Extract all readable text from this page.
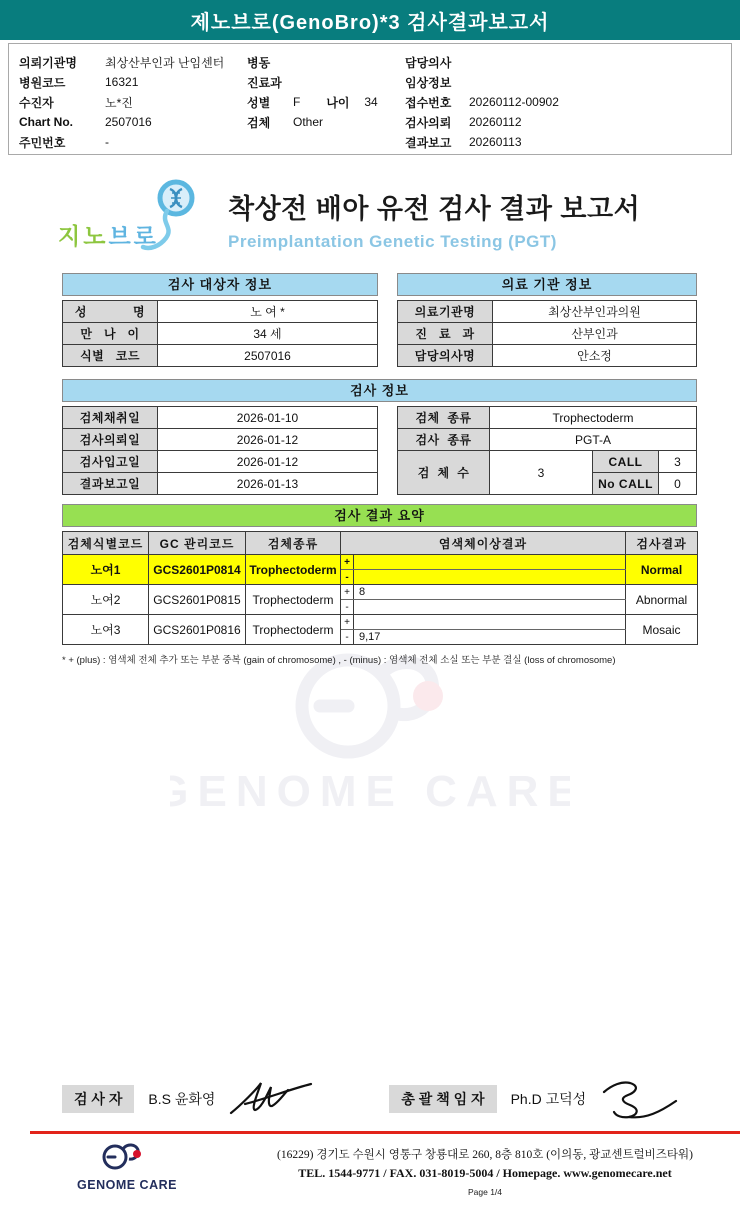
제노브로(GenoBro)*3 검사결과보고서
의뢰기관명	최상산부인과 난임센터
병원코드	16321
수진자	노*진
Chart No.	2507016
주민번호	-
병동
진료과
성별	F 나이	34
검체	Other
담당의사
임상정보
접수번호	20260112-00902
검사의뢰	20260112
결과보고	20260113
지노브로
착상전 배아 유전 검사 결과 보고서
Preimplantation Genetic Testing (PGT)
검사 대상자 정보	의료 기관 정보
성            명	노 여 *
만   나   이	34 세
식별   코드	2507016
의료기관명	최상산부인과의원
진   료   과	산부인과
담당의사명	안소정
검사 정보
검체채취일	2026-01-10
검사의뢰일	2026-01-12
검사입고일	2026-01-12
결과보고일	2026-01-13
검체  종류	Trophectoderm		
검사  종류	PGT-A		
검  체  수	3	CALL	3
		No CALL	0
검사 결과 요약
검체식별코드	GC 관리코드	검체종류	염색체이상결과		검사결과
노여1	GCS2601P0814	Trophectoderm	+		Normal
			-		
노여2	GCS2601P0815	Trophectoderm	+	8	Abnormal
			-		
노여3	GCS2601P0816	Trophectoderm	+		Mosaic
			-	9,17	
* + (plus) : 염색체 전체 추가 또는 부분 중복 (gain of chromosome) , - (minus) : 염색체 전체 소실 또는 부분 결실 (loss of chromosome)
GENOME CARE
검 사 자	B.S 윤화영	총 괄 책 임 자	Ph.D 고덕성
GENOME CARE
(16229) 경기도 수원시 영통구 창룡대로 260, 8층 810호 (이의동, 광교센트럴비즈타워)
TEL. 1544-9771 / FAX. 031-8019-5004 / Homepage. www.genomecare.net
Page 1/4
